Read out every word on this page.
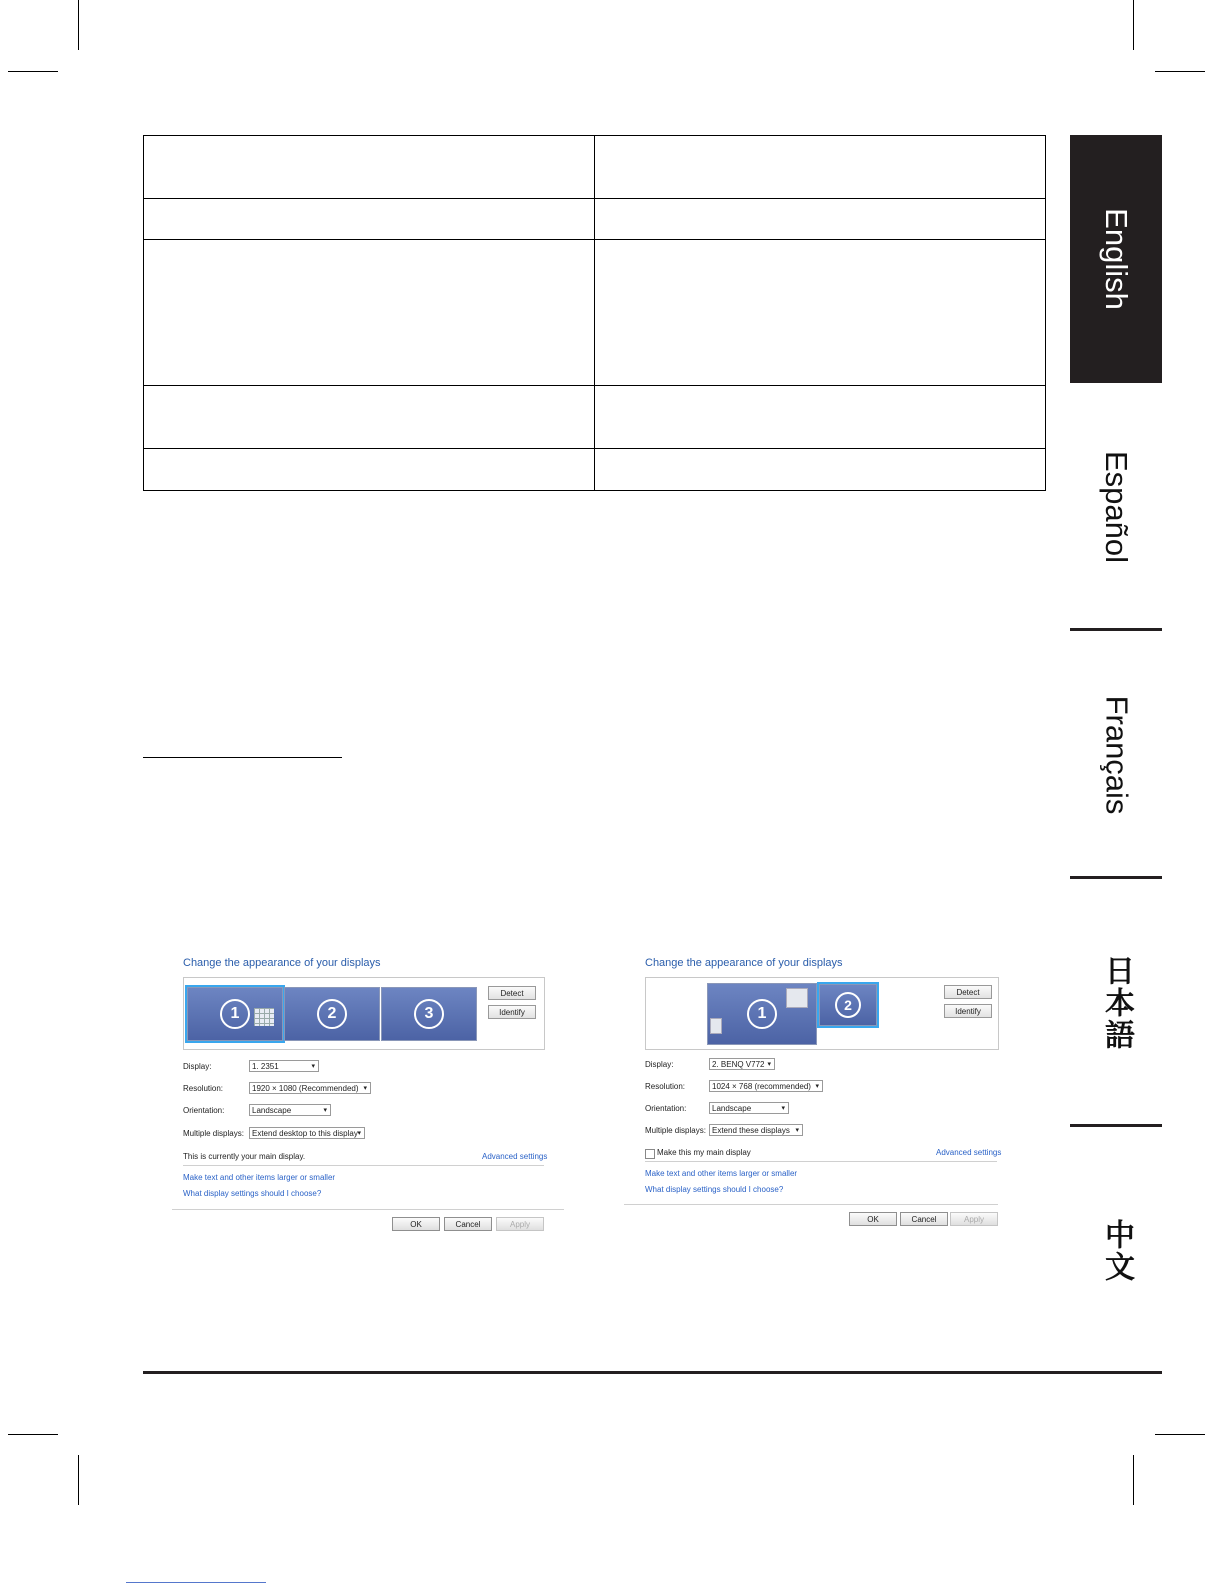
English
Español
Français
日本語
中文
Change the appearance of your displays
1	2	3
Detect
Identify
Display:	1. 2351	▾
Resolution:	1920 × 1080 (Recommended) ▾
Orientation:	Landscape	▾
Multiple displays:	Extend desktop to this display ▾
This is currently your main display.	Advanced settings
Make text and other items larger or smaller
What display settings should I choose?
OK	Cancel	Apply
Change the appearance of your displays
1	2
Detect
Identify
Display:	2. BENQ V772 ▾
Resolution:	1024 × 768 (recommended) ▾
Orientation:	Landscape	▾
Multiple displays: Extend these displays ▾
Make this my main display	Advanced settings
Make text and other items larger or smaller
What display settings should I choose?
OK	Cancel	Apply
